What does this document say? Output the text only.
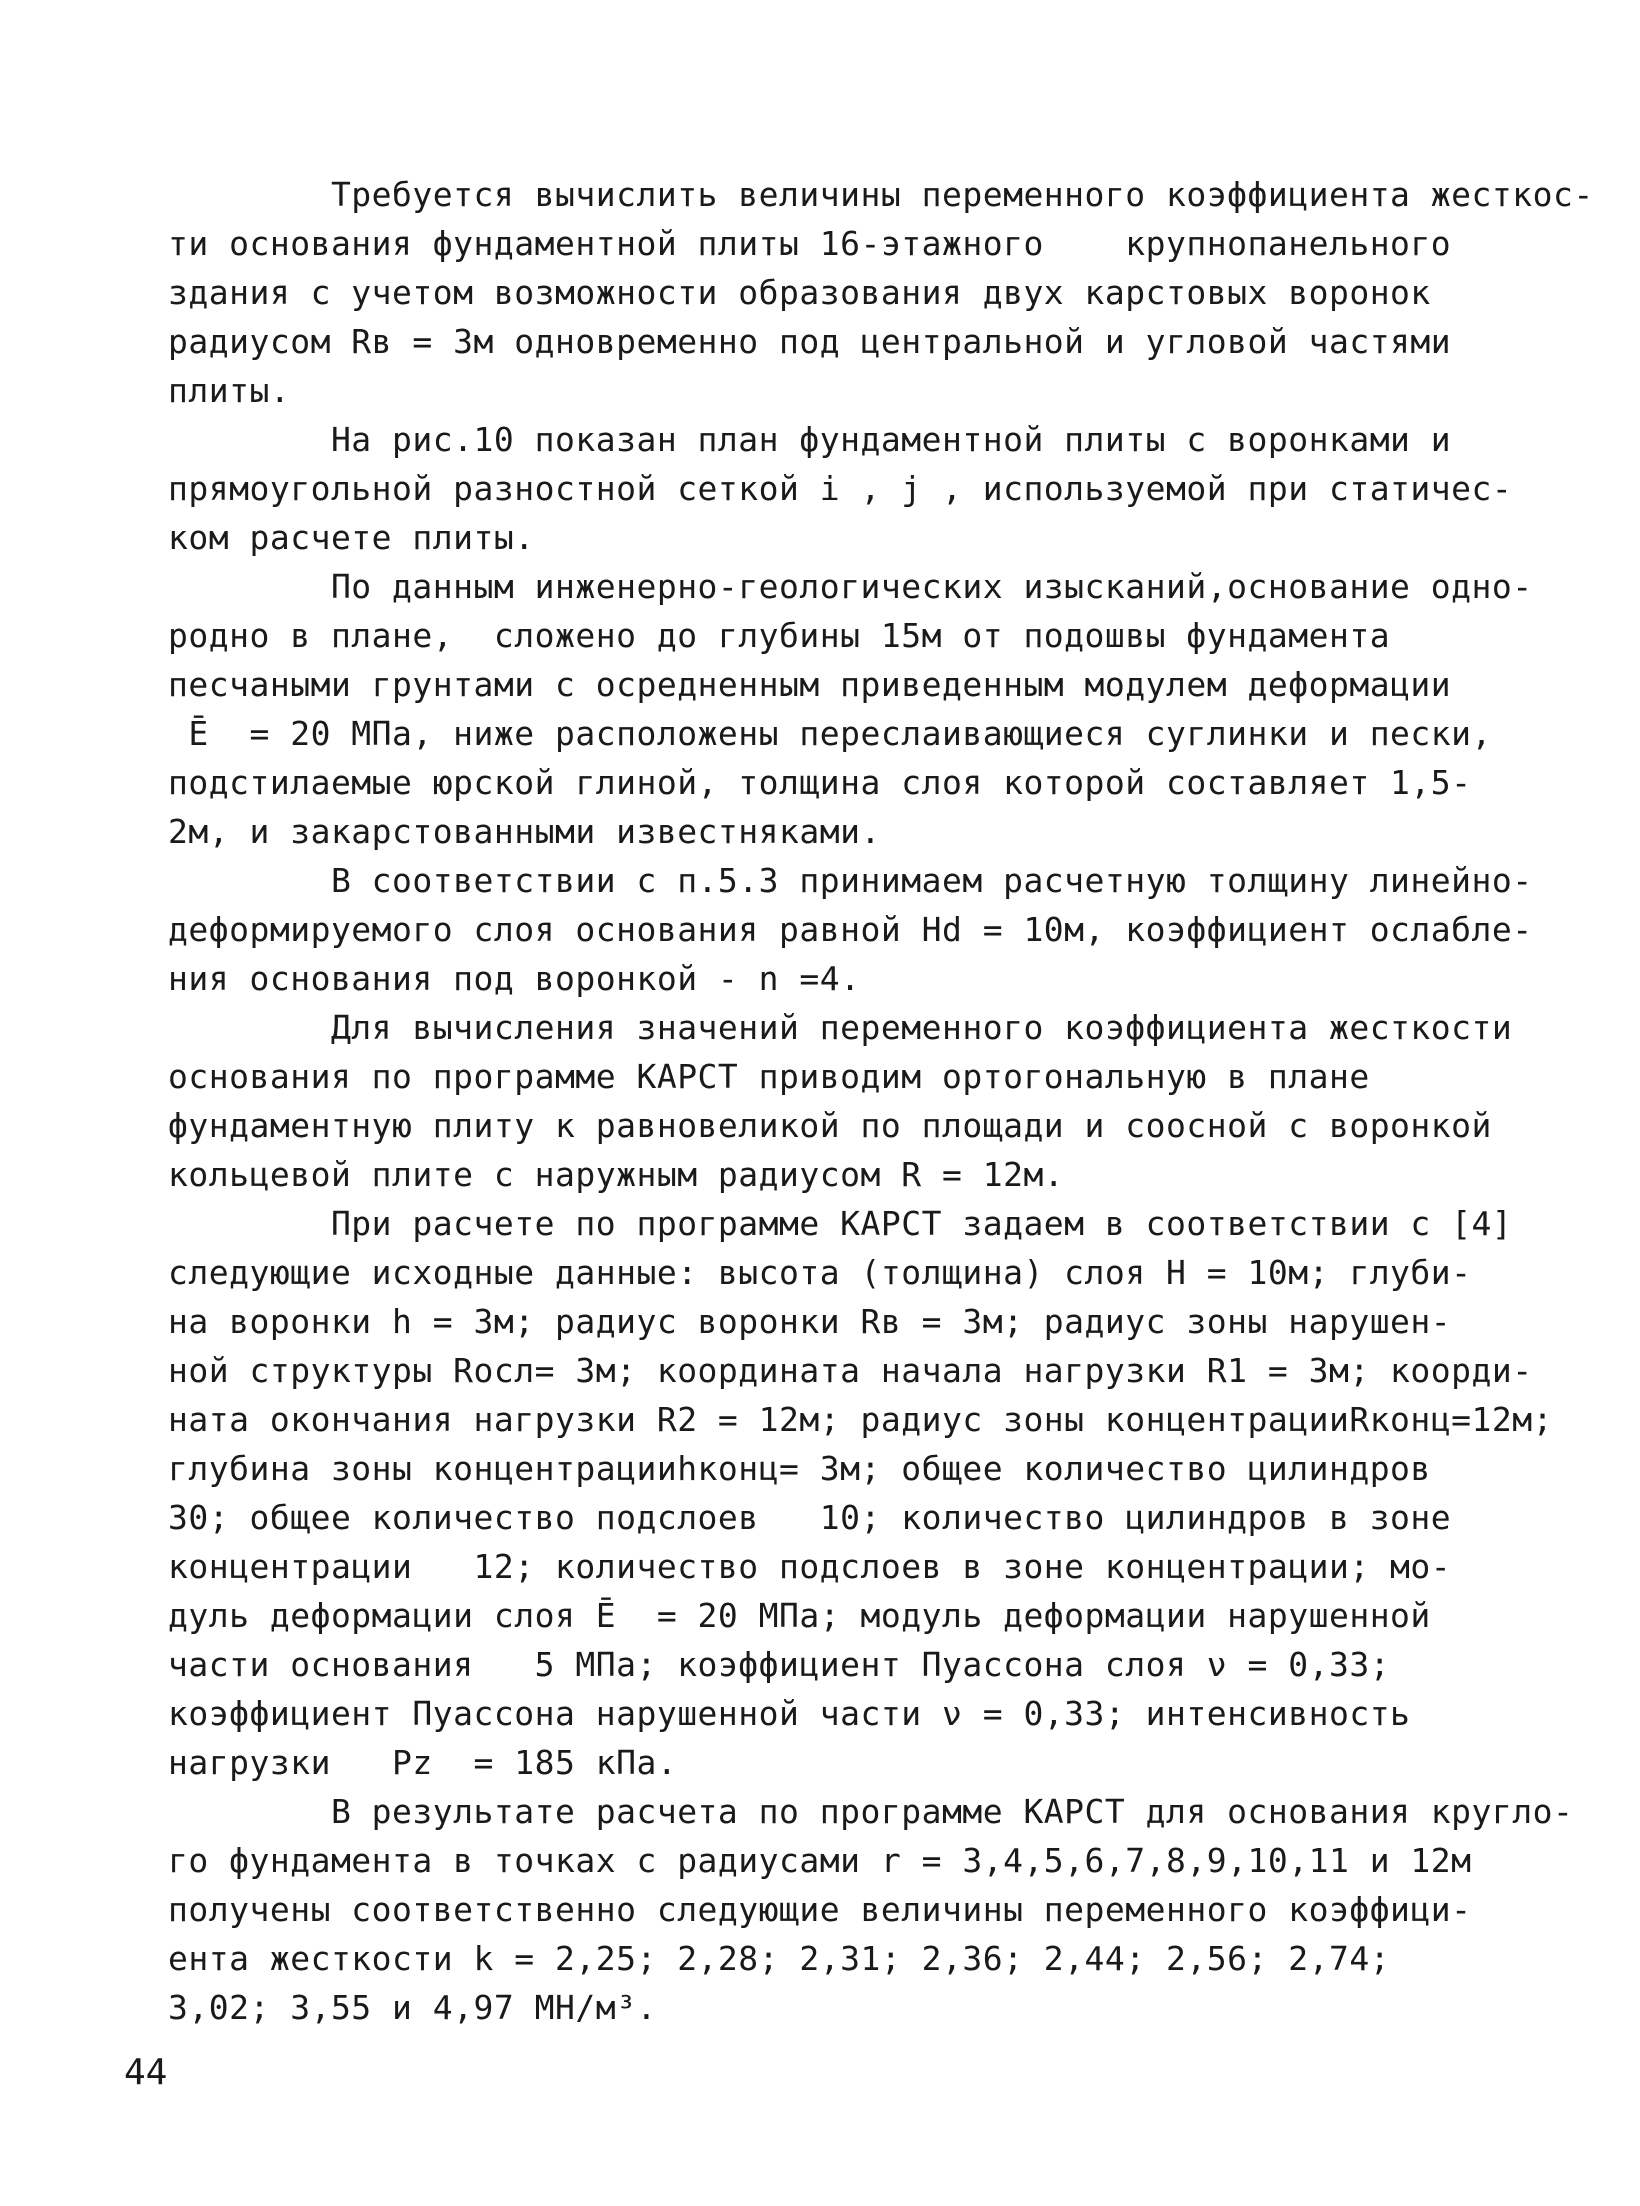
Требуется вычислить величины переменного коэффициента жесткос-
ти основания фундаментной плиты 16-этажного    крупнопанельного
здания с учетом возможности образования двух карстовых воронок
радиусом Rв = 3м одновременно под центральной и угловой частями
плиты.

На рис.10 показан план фундаментной плиты с воронками и
прямоугольной разностной сеткой i , j , используемой при статичес-
ком расчете плиты.

По данным инженерно-геологических изысканий,основание одно-
родно в плане,  сложено до глубины 15м от подошвы фундамента
песчаными грунтами с осредненным приведенным модулем деформации
Ē  = 20 МПа, ниже расположены переслаивающиеся суглинки и пески,
подстилаемые юрской глиной, толщина слоя которой составляет 1,5-
2м, и закарстованными известняками.

В соответствии с п.5.3 принимаем расчетную толщину линейно-
деформируемого слоя основания равной Hd = 10м, коэффициент ослабле-
ния основания под воронкой - n =4.

Для вычисления значений переменного коэффициента жесткости
основания по программе КАРСТ приводим ортогональную в плане
фундаментную плиту к равновеликой по площади и соосной с воронкой
кольцевой плите с наружным радиусом R = 12м.

При расчете по программе КАРСТ задаем в соответствии с [4]
следующие исходные данные: высота (толщина) слоя H = 10м; глуби-
на воронки h = 3м; радиус воронки Rв = 3м; радиус зоны нарушен-
ной структуры Rосл= 3м; координата начала нагрузки R1 = 3м; коорди-
ната окончания нагрузки R2 = 12м; радиус зоны концентрацииRконц=12м;
глубина зоны концентрацииhконц= 3м; общее количество цилиндров
30; общее количество подслоев   10; количество цилиндров в зоне
концентрации   12; количество подслоев в зоне концентрации; мо-
дуль деформации слоя Ē  = 20 МПа; модуль деформации нарушенной
части основания   5 МПа; коэффициент Пуассона слоя ν = 0,33;
коэффициент Пуассона нарушенной части ν = 0,33; интенсивность
нагрузки   Pz  = 185 кПа.

В результате расчета по программе КАРСТ для основания кругло-
го фундамента в точках с радиусами r = 3,4,5,6,7,8,9,10,11 и 12м
получены соответственно следующие величины переменного коэффици-
ента жесткости k = 2,25; 2,28; 2,31; 2,36; 2,44; 2,56; 2,74;
3,02; 3,55 и 4,97 МН/м³.

44
